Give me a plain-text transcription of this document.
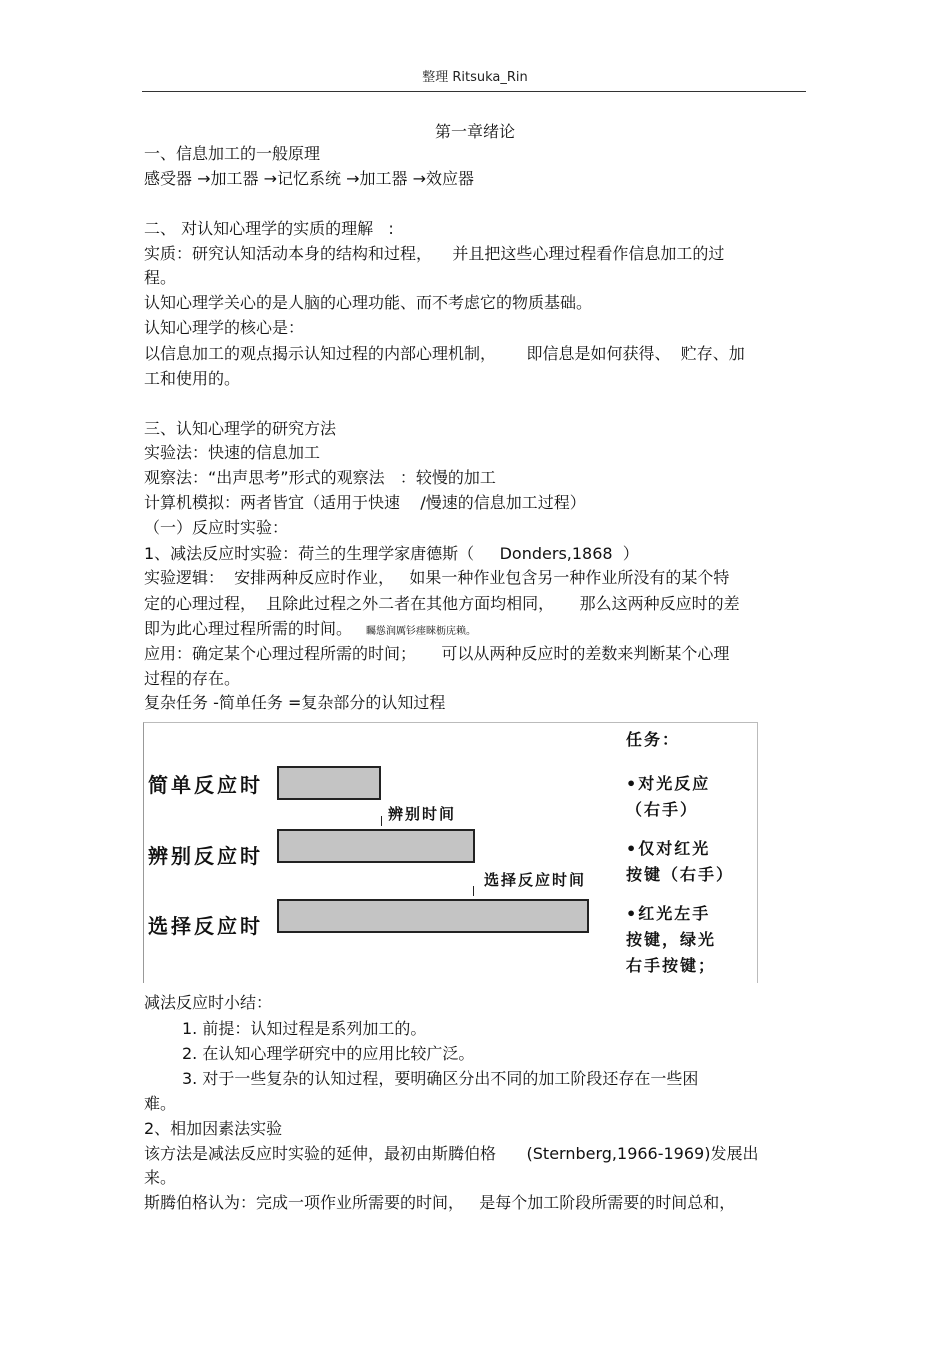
整理 Ritsuka_Rin
第一章绪论
一、信息加工的一般原理
感受器 →加工器 →记忆系统 →加工器 →效应器
二、 对认知心理学的实质的理解   :
实质：研究认知活动本身的结构和过程，    并且把这些心理过程看作信息加工的过
程。
认知心理学关心的是人脑的心理功能、而不考虑它的物质基础。
认知心理学的核心是：
以信息加工的观点揭示认知过程的内部心理机制，      即信息是如何获得、  贮存、加
工和使用的。
三、认知心理学的研究方法
实验法：快速的信息加工
观察法：“出声思考”形式的观察法   ：较慢的加工
计算机模拟：两者皆宜（适用于快速    /慢速的信息加工过程）
（一）反应时实验：
1、减法反应时实验：荷兰的生理学家唐德斯（     Donders,1868  ）
实验逻辑：  安排两种反应时作业，   如果一种作业包含另一种作业所没有的某个特
定的心理过程，  且除此过程之外二者在其他方面均相同，     那么这两种反应时的差
即为此心理过程所需的时间。 矚慫润厲钐瘗睞枥庑赖。
应用：确定某个心理过程所需的时间；     可以从两种反应时的差数来判断某个心理
过程的存在。
复杂任务 -简单任务 =复杂部分的认知过程
简单反应时
辨别反应时
选择反应时
辨别时间
选择反应时间
任务：
•对光反应
（右手）
•仅对红光
按键（右手）
•红光左手
按键，绿光
右手按键；
减法反应时小结：
1. 前提：认知过程是系列加工的。
2. 在认知心理学研究中的应用比较广泛。
3. 对于一些复杂的认知过程，要明确区分出不同的加工阶段还存在一些困
难。
2、相加因素法实验
该方法是减法反应时实验的延伸，最初由斯腾伯格      (Sternberg,1966-1969)发展出
来。
斯腾伯格认为：完成一项作业所需要的时间，   是每个加工阶段所需要的时间总和，
